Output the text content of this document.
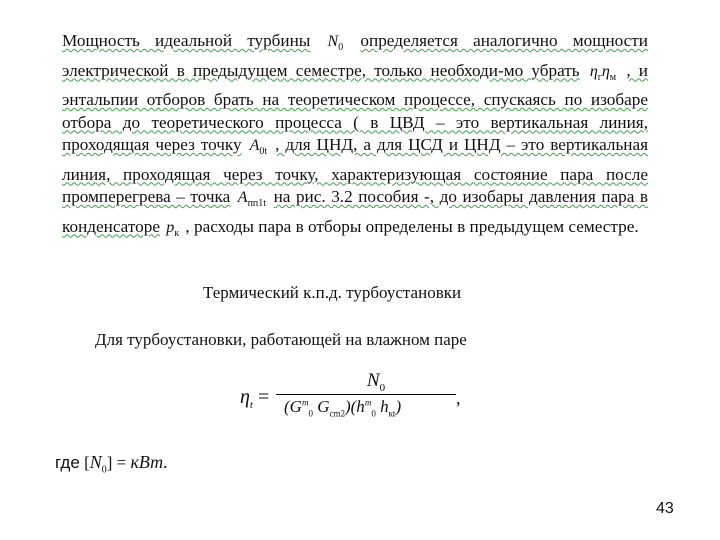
Мощность идеальной турбины $N_0$ определяется аналогично мощности электрической в предыдущем семестре, только необходи-мо убрать $\eta_г\eta_м$ , и энтальпии отборов брать на теоретическом процессе, спускаясь по изобаре отбора до теоретического процесса ( в ЦВД – это вертикальная линия, проходящая через точку $A_{0t}$ , для ЦНД, а для ЦСД и ЦНД – это вертикальная линия, проходящая через точку, характеризующая состояние пара после промперегрева – точка $A_{пп1t}$ на рис. 3.2 пособия -, до изобары давления пара в конденсаторе $p_к$ , расходы пара в отборы определены в предыдущем семестре.
Термический к.п.д. турбоустановки
Для турбоустановки, работающей на влажном паре
$\eta_t$ =
$N_0$
($G^m_0$ $G_{cm2})(h^m_0$ $h_{кt}$)	,
где $[N_0]$ = кВт.
43
